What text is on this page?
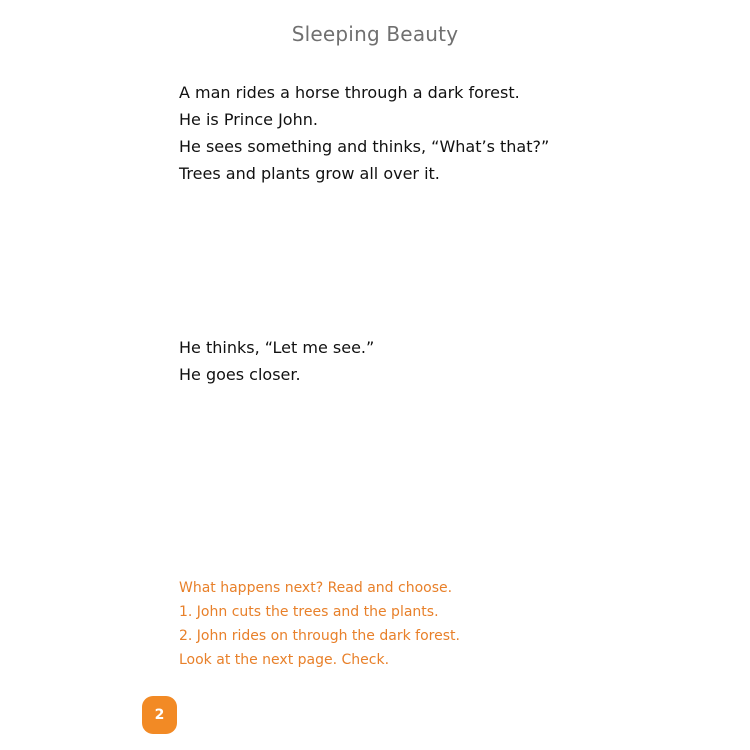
Sleeping Beauty
A man rides a horse through a dark forest.
He is Prince John.
He sees something and thinks, “What’s that?”
Trees and plants grow all over it.
He thinks, “Let me see.”
He goes closer.
What happens next? Read and choose.
1. John cuts the trees and the plants.
2. John rides on through the dark forest.
Look at the next page. Check.
2
